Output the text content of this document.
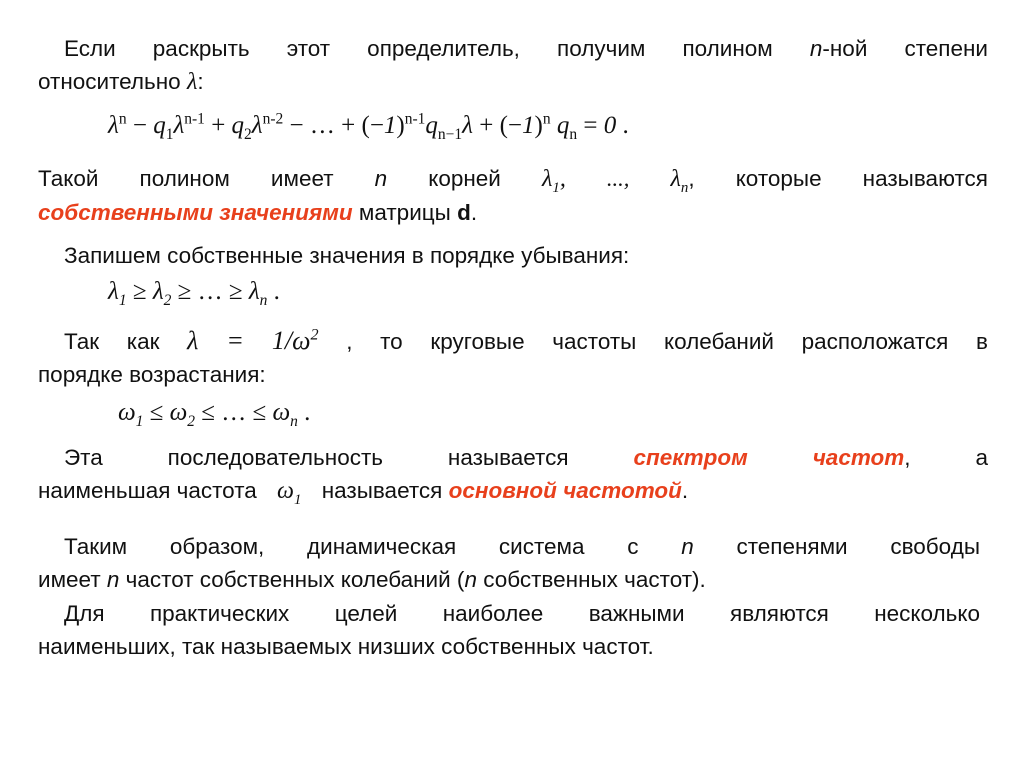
Если раскрыть этот определитель, получим полином n-ной степени
относительно λ:
$\lambda^n - q_1\lambda^{n-1} + q_2\lambda^{n-2}$ − … + $(-1)^{n-1}q_{n-1}\lambda + (-1)^n$ $q_n = 0$ .
Такой полином имеет n корней $\lambda_1$, ..., $\lambda_n$, которые называются
собственными значениями матрицы d.
Запишем собственные значения в порядке убывания:
$\lambda_1 \ge \lambda_2$ ≥ … ≥ $\lambda_n$ .
Так как $\lambda = 1/\omega^2$ , то круговые частоты колебаний расположатся в
порядке возрастания:
$\omega_1 \le \omega_2$ ≤ … ≤ $\omega_n$ .
Эта последовательность называется	спектром частот, а
наименьшая частота $\omega_1$ называется основной частотой.
Таким образом, динамическая система с n степенями свободы
имеет n частот собственных колебаний (n собственных частот).
Для практических целей наиболее важными являются несколько
наименьших, так называемых низших собственных частот.
